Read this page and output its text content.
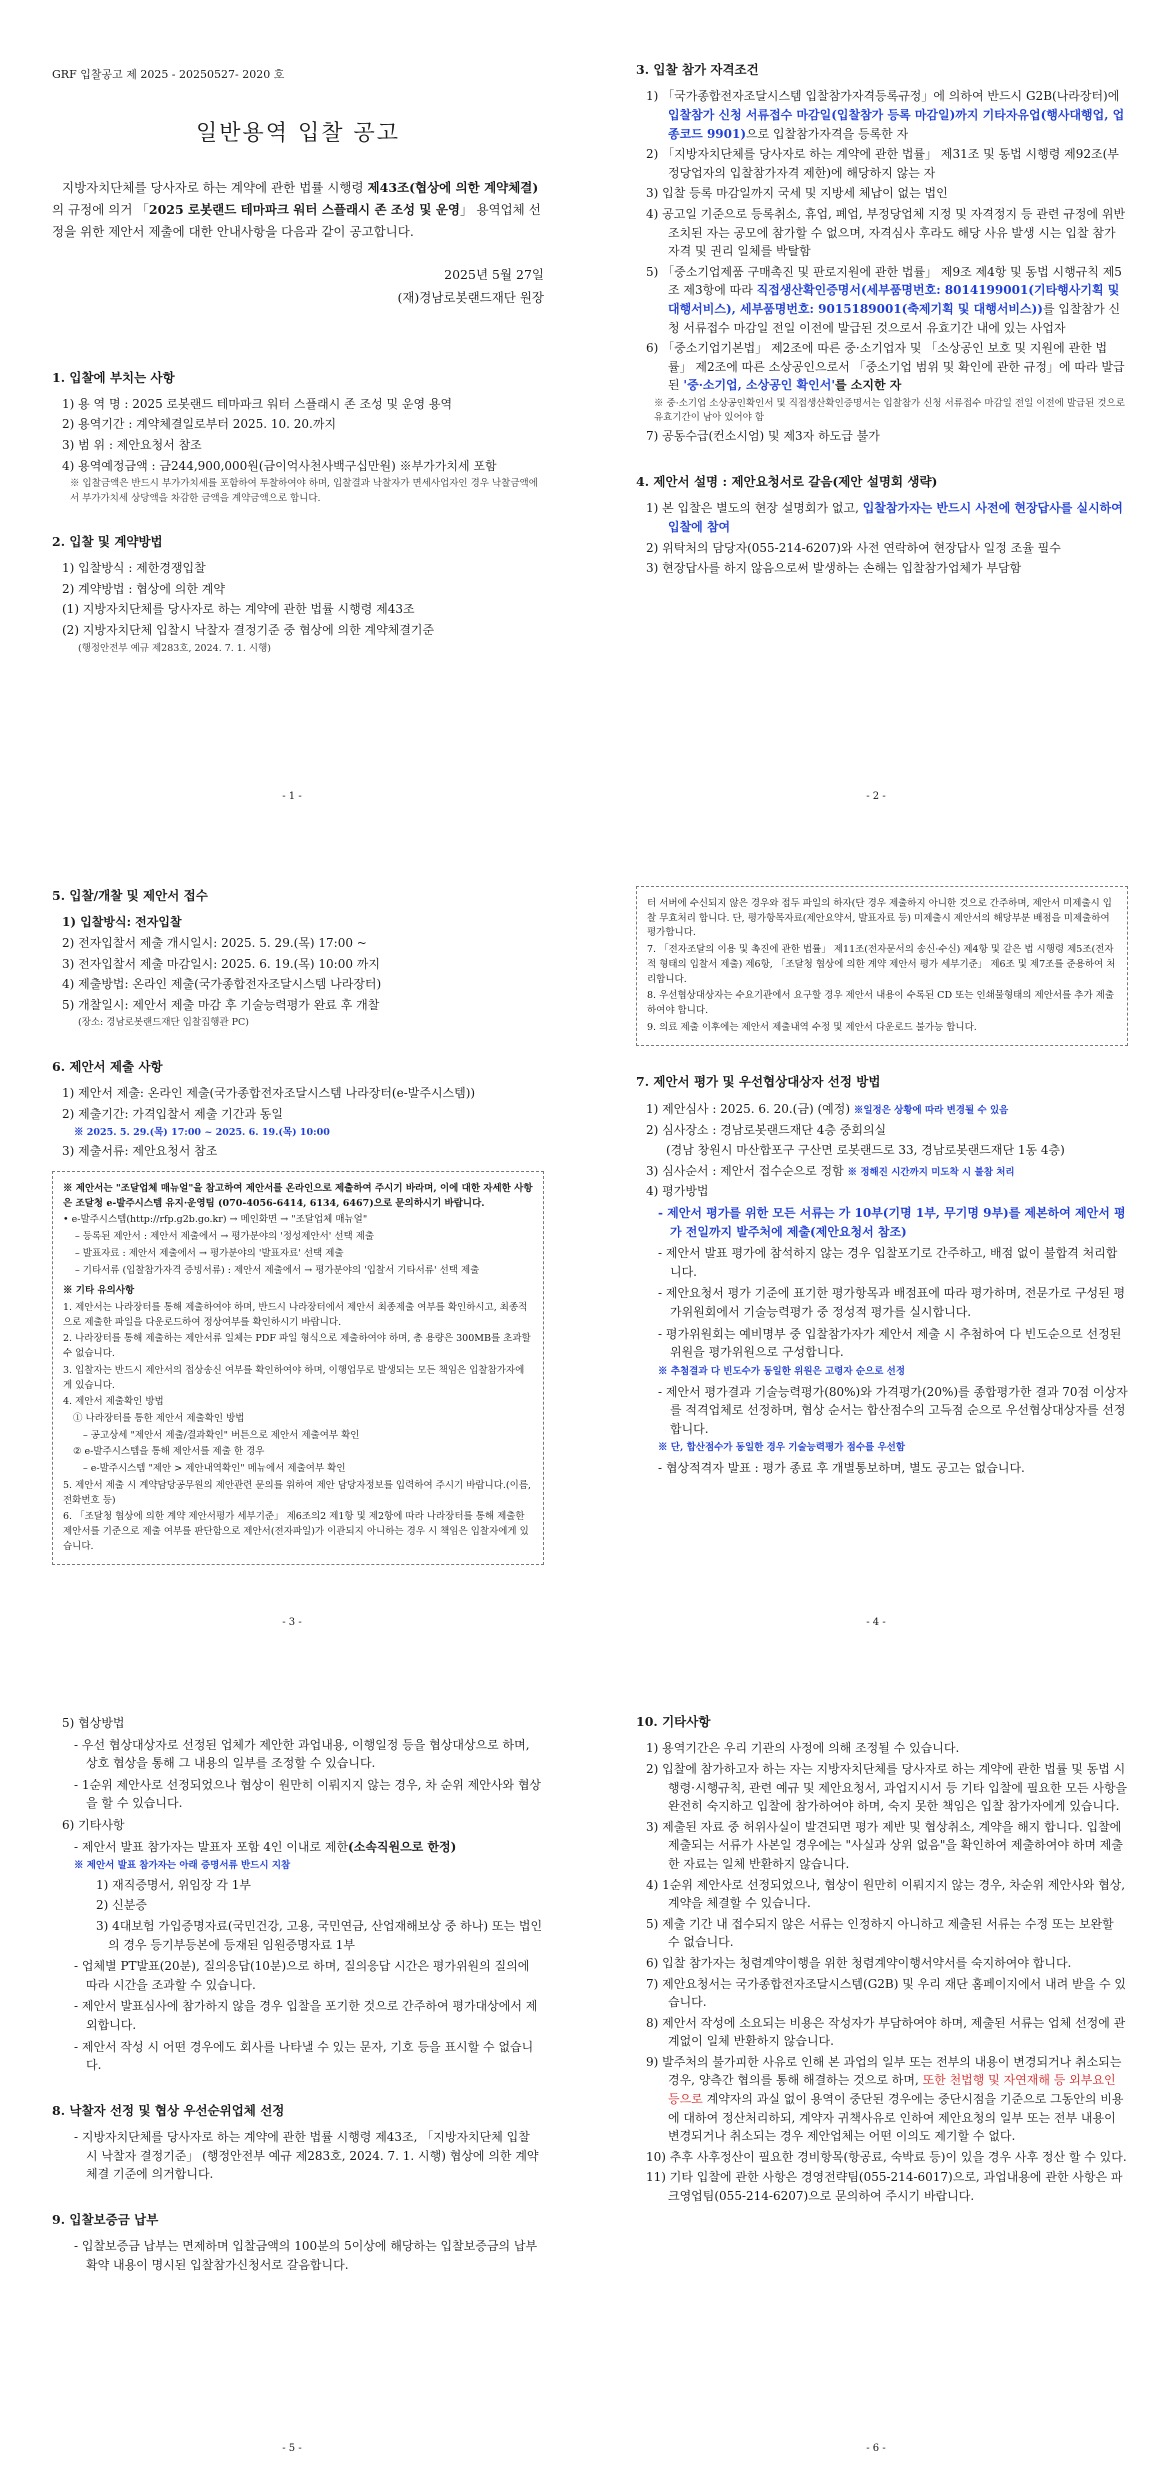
GRF 입찰공고 제 2025 - 20250527- 2020 호
일반용역 입찰 공고
지방자치단체를 당사자로 하는 계약에 관한 법률 시행령 제43조(협상에 의한 계약체결)의 규정에 의거 「2025 로봇랜드 테마파크 워터 스플래시 존 조성 및 운영」 용역업체 선정을 위한 제안서 제출에 대한 안내사항을 다음과 같이 공고합니다.
2025년 5월 27일
(재)경남로봇랜드재단 원장
1. 입찰에 부치는 사항
1) 용 역 명 : 2025 로봇랜드 테마파크 워터 스플래시 존 조성 및 운영 용역
2) 용역기간 : 계약체결일로부터 2025. 10. 20.까지
3) 범 위 : 제안요청서 참조
4) 용역예정금액 : 금244,900,000원(금이억사천사백구십만원) ※부가가치세 포함
※ 입찰금액은 반드시 부가가치세를 포함하여 투찰하여야 하며, 입찰결과 낙찰자가 면세사업자인 경우 낙찰금액에서 부가가치세 상당액을 차감한 금액을 계약금액으로 합니다.
2. 입찰 및 계약방법
1) 입찰방식 : 제한경쟁입찰
2) 계약방법 : 협상에 의한 계약
(1) 지방자치단체를 당사자로 하는 계약에 관한 법률 시행령 제43조
(2) 지방자치단체 입찰시 낙찰자 결정기준 중 협상에 의한 계약체결기준
(행정안전부 예규 제283호, 2024. 7. 1. 시행)
- 1 -
3. 입찰 참가 자격조건
1) 「국가종합전자조달시스템 입찰참가자격등록규정」에 의하여 반드시 G2B(나라장터)에 입찰참가 신청 서류접수 마감일(입찰참가 등록 마감일)까지 기타자유업(행사대행업, 업종코드 9901)으로 입찰참가자격을 등록한 자
2) 「지방자치단체를 당사자로 하는 계약에 관한 법률」 제31조 및 동법 시행령 제92조(부정당업자의 입찰참가자격 제한)에 해당하지 않는 자
3) 입찰 등록 마감일까지 국세 및 지방세 체납이 없는 법인
4) 공고일 기준으로 등록취소, 휴업, 폐업, 부정당업체 지정 및 자격정지 등 관련 규정에 위반 조치된 자는 공모에 참가할 수 없으며, 자격심사 후라도 해당 사유 발생 시는 입찰 참가 자격 및 권리 일체를 박탈함
5) 「중소기업제품 구매촉진 및 판로지원에 관한 법률」 제9조 제4항 및 동법 시행규칙 제5조 제3항에 따라 직접생산확인증명서(세부품명번호: 8014199001(기타행사기획 및 대행서비스), 세부품명번호: 9015189001(축제기획 및 대행서비스))를 입찰참가 신청 서류접수 마감일 전일 이전에 발급된 것으로서 유효기간 내에 있는 사업자
6) 「중소기업기본법」 제2조에 따른 중·소기업자 및 「소상공인 보호 및 지원에 관한 법률」 제2조에 따른 소상공인으로서 「중소기업 범위 및 확인에 관한 규정」에 따라 발급된 '중·소기업, 소상공인 확인서'를 소지한 자
※ 중·소기업 소상공인확인서 및 직접생산확인증명서는 입찰참가 신청 서류접수 마감일 전일 이전에 발급된 것으로 유효기간이 남아 있어야 함
7) 공동수급(컨소시엄) 및 제3자 하도급 불가
4. 제안서 설명 : 제안요청서로 갈음(제안 설명회 생략)
1) 본 입찰은 별도의 현장 설명회가 없고, 입찰참가자는 반드시 사전에 현장답사를 실시하여 입찰에 참여
2) 위탁처의 담당자(055-214-6207)와 사전 연락하여 현장답사 일정 조율 필수
3) 현장답사를 하지 않음으로써 발생하는 손해는 입찰참가업체가 부담함
- 2 -
5. 입찰/개찰 및 제안서 접수
1) 입찰방식: 전자입찰
2) 전자입찰서 제출 개시일시: 2025. 5. 29.(목) 17:00 ~
3) 전자입찰서 제출 마감일시: 2025. 6. 19.(목) 10:00 까지
4) 제출방법: 온라인 제출(국가종합전자조달시스템 나라장터)
5) 개찰일시: 제안서 제출 마감 후 기술능력평가 완료 후 개찰
(장소: 경남로봇랜드재단 입찰집행관 PC)
6. 제안서 제출 사항
1) 제안서 제출: 온라인 제출(국가종합전자조달시스템 나라장터(e-발주시스템))
2) 제출기간: 가격입찰서 제출 기간과 동일
※ 2025. 5. 29.(목) 17:00 ~ 2025. 6. 19.(목) 10:00
3) 제출서류: 제안요청서 참조
※ 제안서는 "조달업체 매뉴얼"을 참고하여 제안서를 온라인으로 제출하여 주시기 바라며, 이에 대한 자세한 사항은 조달청 e-발주시스템 유지·운영팀 (070-4056-6414, 6134, 6467)으로 문의하시기 바랍니다.
• e-발주시스템(http://rfp.g2b.go.kr) → 메인화면 → "조달업체 매뉴얼"
– 등록된 제안서 : 제안서 제출에서 → 평가분야의 '정성제안서' 선택 제출
– 발표자료 : 제안서 제출에서 → 평가분야의 '발표자료' 선택 제출
– 기타서류 (입찰참가자격 증빙서류) : 제안서 제출에서 → 평가분야의 '입찰서 기타서류' 선택 제출
※ 기타 유의사항
1. 제안서는 나라장터를 통해 제출하여야 하며, 반드시 나라장터에서 제안서 최종제출 여부를 확인하시고, 최종적으로 제출한 파일을 다운로드하여 정상여부를 확인하시기 바랍니다.
2. 나라장터를 통해 제출하는 제안서류 일체는 PDF 파일 형식으로 제출하여야 하며, 총 용량은 300MB를 초과할 수 없습니다.
3. 입찰자는 반드시 제안서의 접상송신 여부를 확인하여야 하며, 이행업무로 발생되는 모든 책임은 입찰참가자에게 있습니다.
4. 제안서 제출확인 방법
① 나라장터를 통한 제안서 제출확인 방법
– 공고상세 "제안서 제출/결과확인" 버튼으로 제안서 제출여부 확인
② e-발주시스템을 통해 제안서를 제출 한 경우
– e-발주시스템 "제안 > 제안내역확인" 메뉴에서 제출여부 확인
5. 제안서 제출 시 계약담당공무원의 제안관련 문의를 위하여 제안 담당자정보를 입력하여 주시기 바랍니다.(이름, 전화번호 등)
6. 「조달청 협상에 의한 계약 제안서평가 세부기준」 제6조의2 제1항 및 제2항에 따라 나라장터를 통해 제출한 제안서를 기준으로 제출 여부를 판단함으로 제안서(전자파일)가 이관되지 아니하는 경우 시 책임은 입찰자에게 있습니다.
- 3 -
터 서버에 수신되지 않은 경우와 접두 파일의 하자(단 경우 제출하지 아니한 것으로 간주하며, 제안서 미제출시 입찰 무효처리 합니다. 단, 평가항목자료(제안요약서, 발표자료 등) 미제출시 제안서의 해당부분 배점을 미제출하여 평가합니다.
7. 「전자조달의 이용 및 촉진에 관한 법률」 제11조(전자문서의 송신·수신) 제4항 및 같은 법 시행령 제5조(전자적 형태의 입찰서 제출) 제6항, 「조달청 협상에 의한 계약 제안서 평가 세부기준」 제6조 및 제7조를 준용하여 처리합니다.
8. 우선협상대상자는 수요기관에서 요구할 경우 제안서 내용이 수록된 CD 또는 인쇄물형태의 제안서를 추가 제출하여야 합니다.
9. 의료 제출 이후에는 제안서 제출내역 수정 및 제안서 다운로드 불가능 합니다.
7. 제안서 평가 및 우선협상대상자 선정 방법
1) 제안심사 : 2025. 6. 20.(금) (예정) ※일정은 상황에 따라 변경될 수 있음
2) 심사장소 : 경남로봇랜드재단 4층 중회의실
(경남 창원시 마산합포구 구산면 로봇랜드로 33, 경남로봇랜드재단 1동 4층)
3) 심사순서 : 제안서 접수순으로 정함 ※ 정해진 시간까지 미도착 시 불참 처리
4) 평가방법
- 제안서 평가를 위한 모든 서류는 가 10부(기명 1부, 무기명 9부)를 제본하여 제안서 평가 전일까지 발주처에 제출(제안요청서 참조)
- 제안서 발표 평가에 참석하지 않는 경우 입찰포기로 간주하고, 배점 없이 불합격 처리합니다.
- 제안요청서 평가 기준에 표기한 평가항목과 배점표에 따라 평가하며, 전문가로 구성된 평가위원회에서 기술능력평가 중 정성적 평가를 실시합니다.
- 평가위원회는 예비명부 중 입찰참가자가 제안서 제출 시 추첨하여 다 빈도순으로 선정된 위원을 평가위원으로 구성합니다.
※ 추첨결과 다 빈도수가 동일한 위원은 고령자 순으로 선정
- 제안서 평가결과 기술능력평가(80%)와 가격평가(20%)를 종합평가한 결과 70점 이상자를 적격업체로 선정하며, 협상 순서는 합산점수의 고득점 순으로 우선협상대상자를 선정합니다.
※ 단, 합산점수가 동일한 경우 기술능력평가 점수를 우선함
- 협상적격자 발표 : 평가 종료 후 개별통보하며, 별도 공고는 없습니다.
- 4 -
5) 협상방법
- 우선 협상대상자로 선정된 업체가 제안한 과업내용, 이행일정 등을 협상대상으로 하며, 상호 협상을 통해 그 내용의 일부를 조정할 수 있습니다.
- 1순위 제안사로 선정되었으나 협상이 원만히 이뤄지지 않는 경우, 차 순위 제안사와 협상을 할 수 있습니다.
6) 기타사항
- 제안서 발표 참가자는 발표자 포함 4인 이내로 제한(소속직원으로 한정)
※ 제안서 발표 참가자는 아래 증명서류 반드시 지참
1) 재직증명서, 위임장 각 1부
2) 신분증
3) 4대보험 가입증명자료(국민건강, 고용, 국민연금, 산업재해보상 중 하나) 또는 법인의 경우 등기부등본에 등재된 임원증명자료 1부
- 업체별 PT발표(20분), 질의응답(10분)으로 하며, 질의응답 시간은 평가위원의 질의에 따라 시간을 조과할 수 있습니다.
- 제안서 발표심사에 참가하지 않을 경우 입찰을 포기한 것으로 간주하여 평가대상에서 제외합니다.
- 제안서 작성 시 어떤 경우에도 회사를 나타낼 수 있는 문자, 기호 등을 표시할 수 없습니다.
8. 낙찰자 선정 및 협상 우선순위업체 선정
- 지방자치단체를 당사자로 하는 계약에 관한 법률 시행령 제43조, 「지방자치단체 입찰 시 낙찰자 결정기준」 (행정안전부 예규 제283호, 2024. 7. 1. 시행) 협상에 의한 계약체결 기준에 의거합니다.
9. 입찰보증금 납부
- 입찰보증금 납부는 면제하며 입찰금액의 100분의 5이상에 해당하는 입찰보증금의 납부확약 내용이 명시된 입찰참가신청서로 갈음합니다.
- 5 -
10. 기타사항
1) 용역기간은 우리 기관의 사정에 의해 조정될 수 있습니다.
2) 입찰에 참가하고자 하는 자는 지방자치단체를 당사자로 하는 계약에 관한 법률 및 동법 시행령·시행규칙, 관련 예규 및 제안요청서, 과업지시서 등 기타 입찰에 필요한 모든 사항을 완전히 숙지하고 입찰에 참가하여야 하며, 숙지 못한 책임은 입찰 참가자에게 있습니다.
3) 제출된 자료 중 허위사실이 발견되면 평가 제반 및 협상취소, 계약을 해지 합니다. 입찰에 제출되는 서류가 사본일 경우에는 "사실과 상위 없음"을 확인하여 제출하여야 하며 제출한 자료는 일체 반환하지 않습니다.
4) 1순위 제안사로 선정되었으나, 협상이 원만히 이뤄지지 않는 경우, 차순위 제안사와 협상, 계약을 체결할 수 있습니다.
5) 제출 기간 내 접수되지 않은 서류는 인정하지 아니하고 제출된 서류는 수정 또는 보완할 수 없습니다.
6) 입찰 참가자는 청렴계약이행을 위한 청렴계약이행서약서를 숙지하여야 합니다.
7) 제안요청서는 국가종합전자조달시스템(G2B) 및 우리 재단 홈페이지에서 내려 받을 수 있습니다.
8) 제안서 작성에 소요되는 비용은 작성자가 부담하여야 하며, 제출된 서류는 업체 선정에 관계없이 일체 반환하지 않습니다.
9) 발주처의 불가피한 사유로 인해 본 과업의 일부 또는 전부의 내용이 변경되거나 취소되는 경우, 양측간 협의를 통해 해결하는 것으로 하며, 또한 천법행 및 자연재해 등 외부요인 등으로 계약자의 과실 없이 용역이 중단된 경우에는 중단시점을 기준으로 그동안의 비용에 대하여 정산처리하되, 계약자 귀책사유로 인하여 제안요청의 일부 또는 전부 내용이 변경되거나 취소되는 경우 제안업체는 어떤 이의도 제기할 수 없다.
10) 추후 사후정산이 필요한 경비항목(항공료, 숙박료 등)이 있을 경우 사후 정산 할 수 있다.
11) 기타 입찰에 관한 사항은 경영전략팀(055-214-6017)으로, 과업내용에 관한 사항은 파크영업팀(055-214-6207)으로 문의하여 주시기 바랍니다.
- 6 -
